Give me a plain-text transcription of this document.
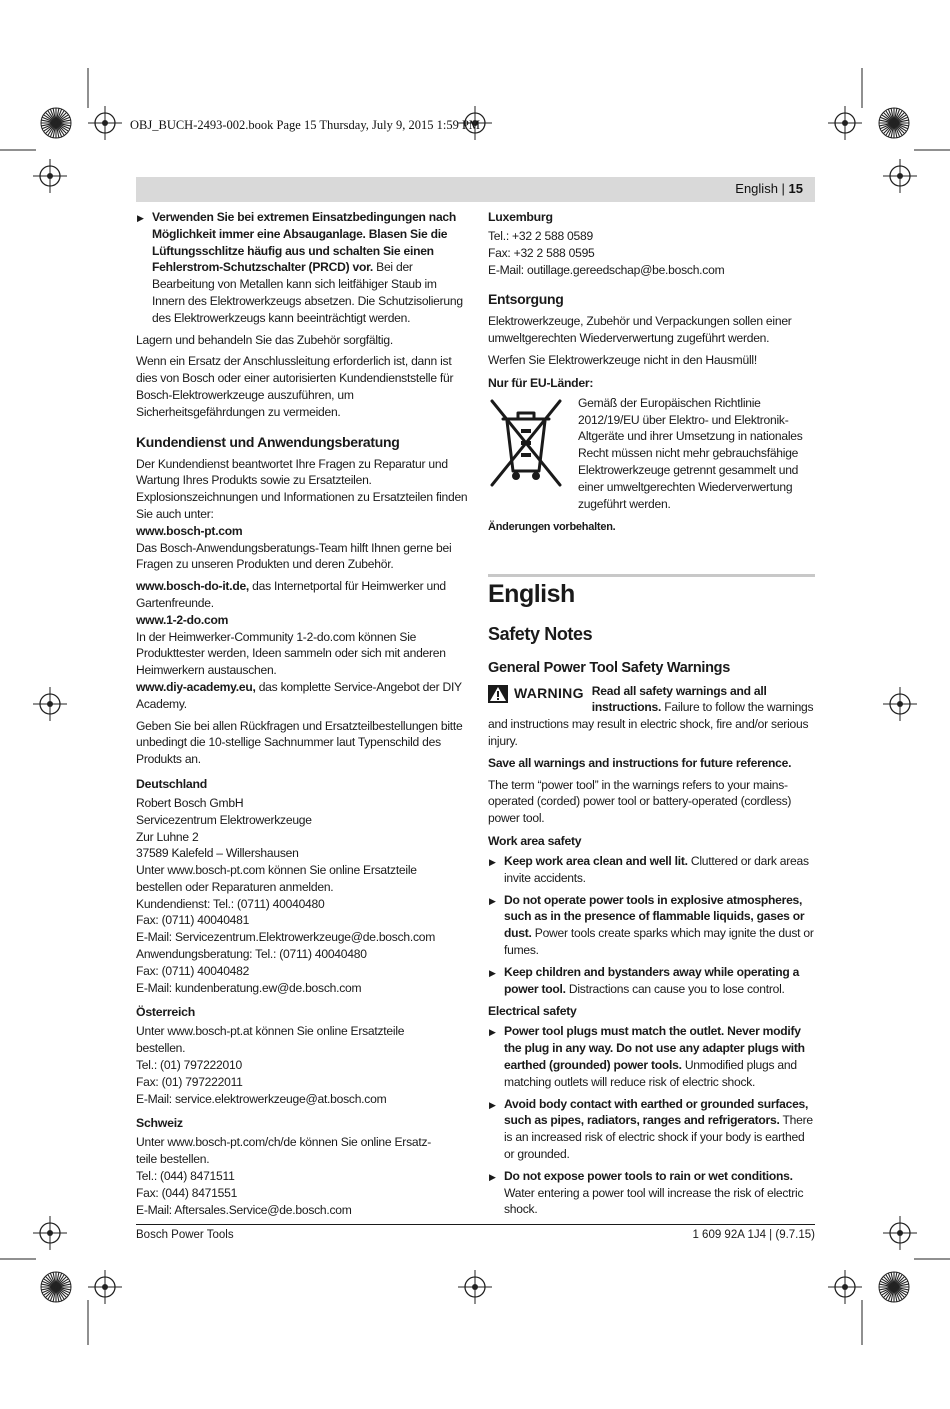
OBJ_BUCH-2493-002.book Page 15 Thursday, July 9, 2015 1:59 PM
English | 15
▶ Verwenden Sie bei extremen Einsatzbedingungen nach Möglichkeit immer eine Absauganlage. Blasen Sie die Lüftungsschlitze häufig aus und schalten Sie einen Fehlerstrom-Schutzschalter (PRCD) vor. Bei der Bearbeitung von Metallen kann sich leitfähiger Staub im Innern des Elektrowerkzeugs absetzen. Die Schutzisolierung des Elektrowerkzeugs kann beeinträchtigt werden.

Lagern und behandeln Sie das Zubehör sorgfältig.

Wenn ein Ersatz der Anschlussleitung erforderlich ist, dann ist dies von Bosch oder einer autorisierten Kundendienststelle für Bosch-Elektrowerkzeuge auszuführen, um Sicherheitsgefährdungen zu vermeiden.

Kundendienst und Anwendungsberatung

Der Kundendienst beantwortet Ihre Fragen zu Reparatur und Wartung Ihres Produkts sowie zu Ersatzteilen. Explosionszeichnungen und Informationen zu Ersatzteilen finden Sie auch unter:

www.bosch-pt.com

Das Bosch-Anwendungsberatungs-Team hilft Ihnen gerne bei Fragen zu unseren Produkten und deren Zubehör.

www.bosch-do-it.de, das Internetportal für Heimwerker und Gartenfreunde.

www.1-2-do.com

In der Heimwerker-Community 1-2-do.com können Sie Produkttester werden, Ideen sammeln oder sich mit anderen Heimwerkern austauschen.

www.diy-academy.eu, das komplette Service-Angebot der DIY Academy.

Geben Sie bei allen Rückfragen und Ersatzteilbestellungen bitte unbedingt die 10-stellige Sachnummer laut Typenschild des Produkts an.

Deutschland
Robert Bosch GmbH
Servicezentrum Elektrowerkzeuge
Zur Luhne 2
37589 Kalefeld – Willershausen
Unter www.bosch-pt.com können Sie online Ersatzteile
bestellen oder Reparaturen anmelden.
Kundendienst: Tel.: (0711) 40040480
Fax: (0711) 40040481
E-Mail: Servicezentrum.Elektrowerkzeuge@de.bosch.com
Anwendungsberatung: Tel.: (0711) 40040480
Fax: (0711) 40040482
E-Mail: kundenberatung.ew@de.bosch.com
Österreich
Unter www.bosch-pt.at können Sie online Ersatzteile
bestellen.
Tel.: (01) 797222010
Fax: (01) 797222011
E-Mail: service.elektrowerkzeuge@at.bosch.com
Schweiz
Unter www.bosch-pt.com/ch/de können Sie online Ersatz-
teile bestellen.
Tel.: (044) 8471511
Fax: (044) 8471551
E-Mail: Aftersales.Service@de.bosch.com
Luxemburg
Tel.: +32 2 588 0589
Fax: +32 2 588 0595
E-Mail: outillage.gereedschap@be.bosch.com
Entsorgung

Elektrowerkzeuge, Zubehör und Verpackungen sollen einer umweltgerechten Wiederverwertung zugeführt werden.

Werfen Sie Elektrowerkzeuge nicht in den Hausmüll!

Nur für EU-Länder:
Gemäß der Europäischen Richtlinie 2012/19/EU über Elektro- und Elektronik-Altgeräte und ihrer Umsetzung in nationales Recht müssen nicht mehr gebrauchsfähige Elektrowerkzeuge getrennt gesammelt und einer umweltgerechten Wiederverwertung zugeführt werden.

Änderungen vorbehalten.

English
Safety Notes
General Power Tool Safety Warnings
WARNING Read all safety warnings and all instructions. Failure to follow the warnings and instructions may result in electric shock, fire and/or serious injury.

Save all warnings and instructions for future reference.

The term “power tool” in the warnings refers to your mains-operated (corded) power tool or battery-operated (cordless) power tool.

Work area safety
▶ Keep work area clean and well lit. Cluttered or dark areas invite accidents.
▶ Do not operate power tools in explosive atmospheres, such as in the presence of flammable liquids, gases or dust. Power tools create sparks which may ignite the dust or fumes.
▶ Keep children and bystanders away while operating a power tool. Distractions can cause you to lose control.
Electrical safety
▶ Power tool plugs must match the outlet. Never modify the plug in any way. Do not use any adapter plugs with earthed (grounded) power tools. Unmodified plugs and matching outlets will reduce risk of electric shock.
▶ Avoid body contact with earthed or grounded surfaces, such as pipes, radiators, ranges and refrigerators. There is an increased risk of electric shock if your body is earthed or grounded.
▶ Do not expose power tools to rain or wet conditions. Water entering a power tool will increase the risk of electric shock.
Bosch Power Tools	1 609 92A 1J4 | (9.7.15)
